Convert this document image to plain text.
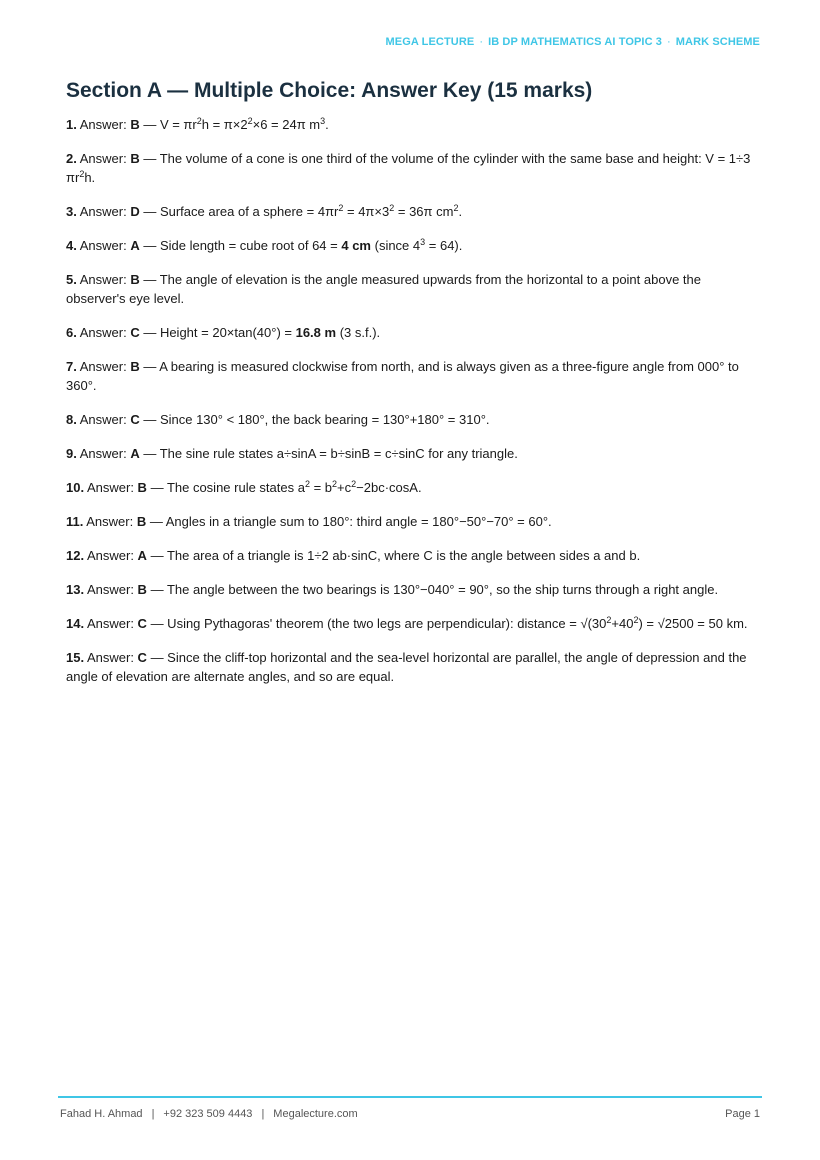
MEGA LECTURE · IB DP MATHEMATICS AI TOPIC 3 · MARK SCHEME
Section A — Multiple Choice: Answer Key (15 marks)

1. Answer: B — $V = \pi r^2h = \pi\times 2^2\times 6 = 24\pi$ $m^3$.

2. Answer: B — The volume of a cone is one third of the volume of the cylinder with the same base and height: V = 1÷3 $\pi r^2h$.

3. Answer: D — Surface area of a sphere = $4\pi r^2 = 4\pi\times 3^2 = 36\pi$ $cm^2$.

4. Answer: A — Side length = cube root of 64 = 4 cm (since $4^3 = 64$).

5. Answer: B — The angle of elevation is the angle measured upwards from the horizontal to a point above the observer's eye level.

6. Answer: C — Height = 20×tan(40°) = 16.8 m (3 s.f.).

7. Answer: B — A bearing is measured clockwise from north, and is always given as a three-figure angle from 000° to 360°.

8. Answer: C — Since 130° < 180°, the back bearing = 130°+180° = 310°.

9. Answer: A — The sine rule states a÷sinA = b÷sinB = c÷sinC for any triangle.

10. Answer: B — The cosine rule states $a^2 = b^2+c^2-2bc\cdot\cos A$.

11. Answer: B — Angles in a triangle sum to 180°: third angle = 180°−50°−70° = 60°.

12. Answer: A — The area of a triangle is 1÷2 ab·sinC, where C is the angle between sides a and b.

13. Answer: B — The angle between the two bearings is 130°−040° = 90°, so the ship turns through a right angle.

14. Answer: C — Using Pythagoras' theorem (the two legs are perpendicular): distance = $√(30^2+40^2) = √2500 = 50$ km.

15. Answer: C — Since the cliff-top horizontal and the sea-level horizontal are parallel, the angle of depression and the angle of elevation are alternate angles, and so are equal.

Fahad H. Ahmad | +92 323 509 4443 | Megalecture.com	Page 1
